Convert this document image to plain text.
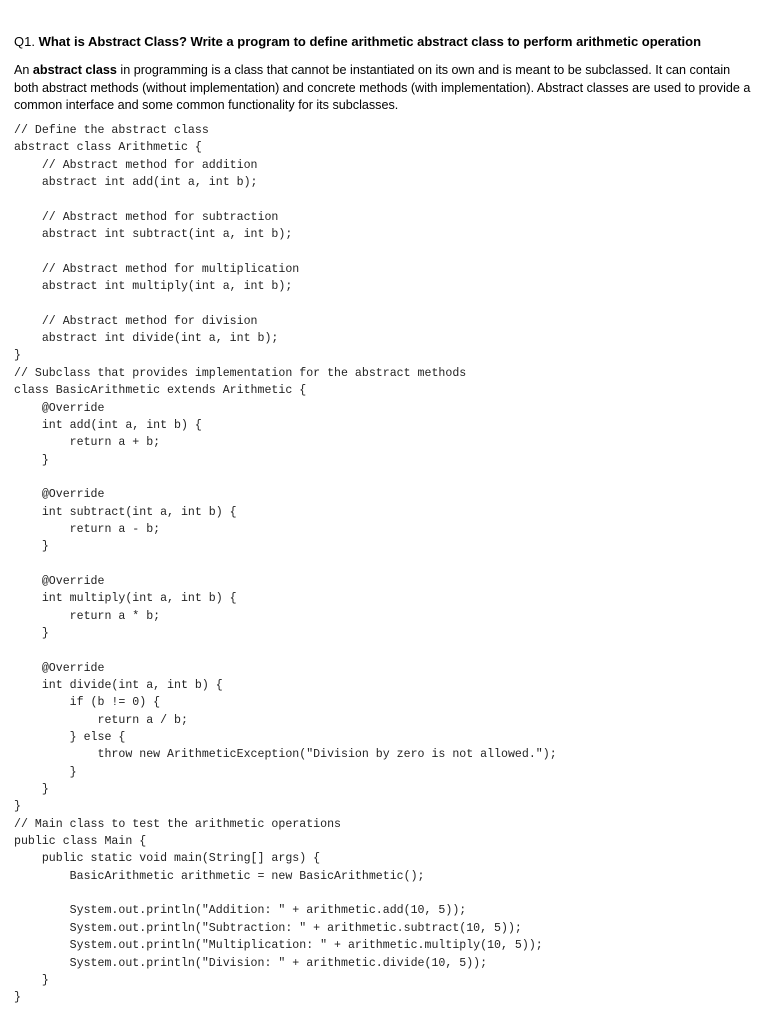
Q1. What is Abstract Class? Write a program to define arithmetic abstract class to perform arithmetic operation
An abstract class in programming is a class that cannot be instantiated on its own and is meant to be subclassed. It can contain both abstract methods (without implementation) and concrete methods (with implementation). Abstract classes are used to provide a common interface and some common functionality for its subclasses.
// Define the abstract class
abstract class Arithmetic {
// Abstract method for addition
abstract int add(int a, int b);
// Abstract method for subtraction
abstract int subtract(int a, int b);
// Abstract method for multiplication
abstract int multiply(int a, int b);
// Abstract method for division
abstract int divide(int a, int b);
}
// Subclass that provides implementation for the abstract methods
class BasicArithmetic extends Arithmetic {
@Override
int add(int a, int b) {
return a + b;
}
@Override
int subtract(int a, int b) {
return a - b;
}
@Override
int multiply(int a, int b) {
return a * b;
}
@Override
int divide(int a, int b) {
if (b != 0) {
return a / b;
} else {
throw new ArithmeticException("Division by zero is not allowed.");
}
}
}
// Main class to test the arithmetic operations
public class Main {
public static void main(String[] args) {
BasicArithmetic arithmetic = new BasicArithmetic();
System.out.println("Addition: " + arithmetic.add(10, 5));
System.out.println("Subtraction: " + arithmetic.subtract(10, 5));
System.out.println("Multiplication: " + arithmetic.multiply(10, 5));
System.out.println("Division: " + arithmetic.divide(10, 5));
}
}
